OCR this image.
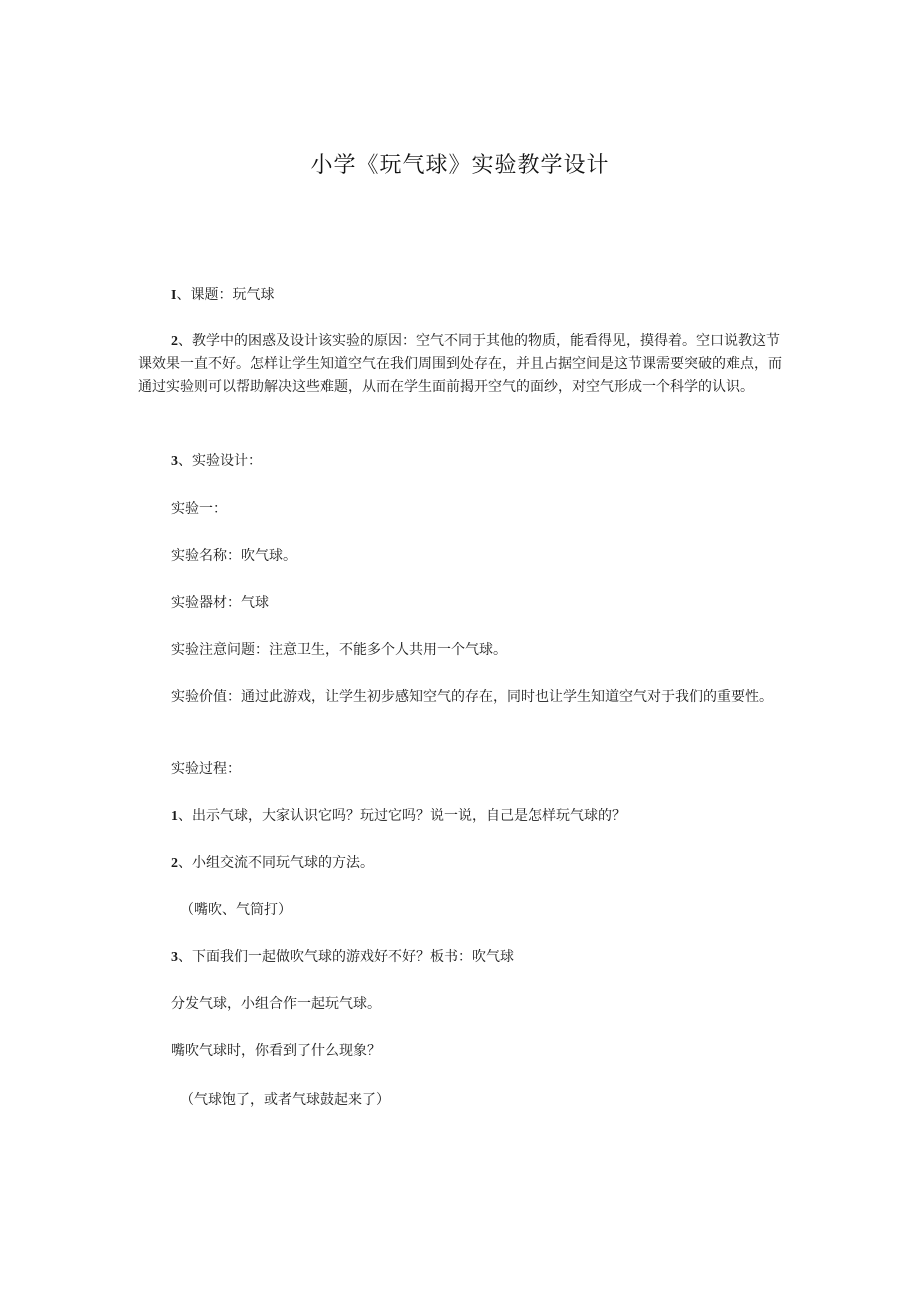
小学《玩气球》实验教学设计

I、课题：玩气球

2、教学中的困惑及设计该实验的原因：空气不同于其他的物质，能看得见，摸得着。空口说教这节课效果一直不好。怎样让学生知道空气在我们周围到处存在，并且占据空间是这节课需要突破的难点，而通过实验则可以帮助解决这些难题，从而在学生面前揭开空气的面纱，对空气形成一个科学的认识。

3、实验设计：

实验一：

实验名称：吹气球。

实验器材：气球

实验注意问题：注意卫生，不能多个人共用一个气球。

实验价值：通过此游戏，让学生初步感知空气的存在，同时也让学生知道空气对于我们的重要性。

实验过程：

1、出示气球，大家认识它吗？玩过它吗？说一说，自己是怎样玩气球的？

2、小组交流不同玩气球的方法。

（嘴吹、气筒打）

3、下面我们一起做吹气球的游戏好不好？板书：吹气球

分发气球，小组合作一起玩气球。

嘴吹气球时，你看到了什么现象？

（气球饱了，或者气球鼓起来了）
